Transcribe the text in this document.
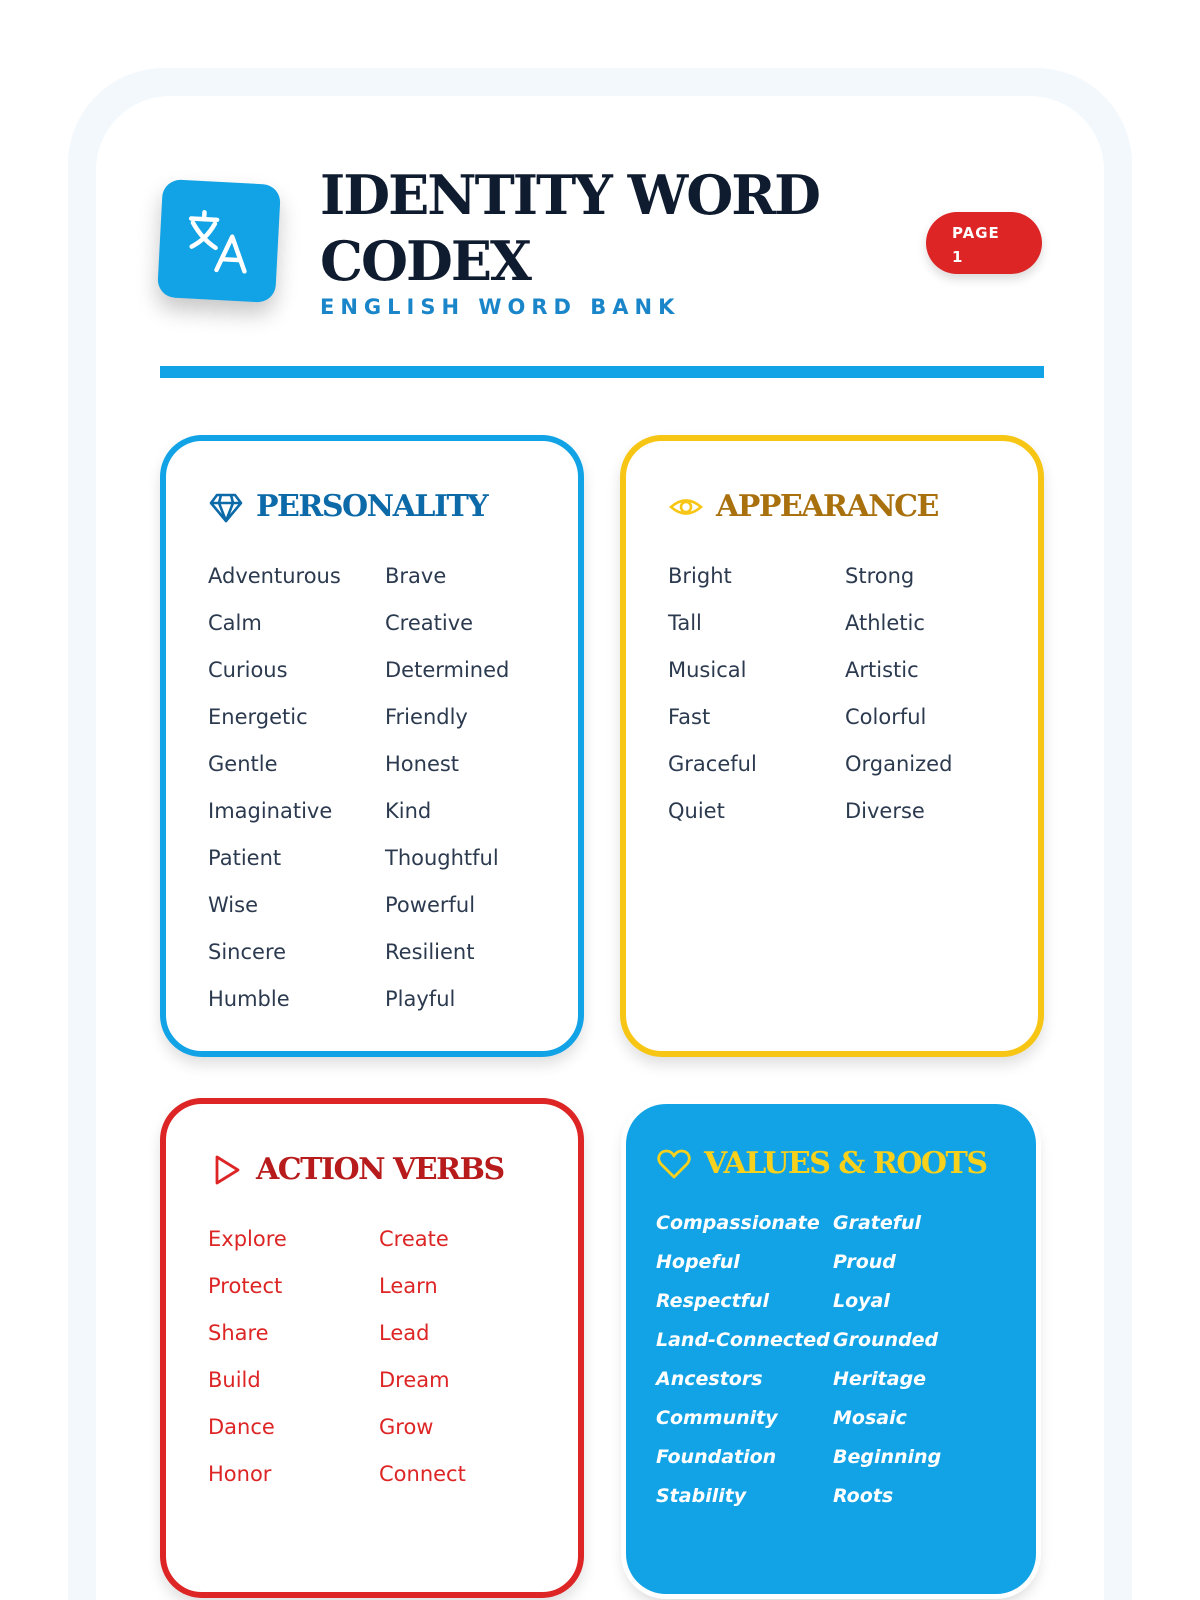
IDENTITY WORD CODEX
ENGLISH WORD BANK
PAGE
1
PERSONALITY
Adventurous	Brave
Calm	Creative
Curious	Determined
Energetic	Friendly
Gentle	Honest
Imaginative	Kind
Patient	Thoughtful
Wise	Powerful
Sincere	Resilient
Humble	Playful
APPEARANCE
Bright	Strong
Tall	Athletic
Musical	Artistic
Fast	Colorful
Graceful	Organized
Quiet	Diverse
ACTION VERBS
Explore	Create
Protect	Learn
Share	Lead
Build	Dream
Dance	Grow
Honor	Connect
VALUES & ROOTS
Compassionate Grateful
Hopeful	Proud
Respectful	Loyal
Land-Connected Grounded
Ancestors	Heritage
Community	Mosaic
Foundation	Beginning
Stability	Roots
